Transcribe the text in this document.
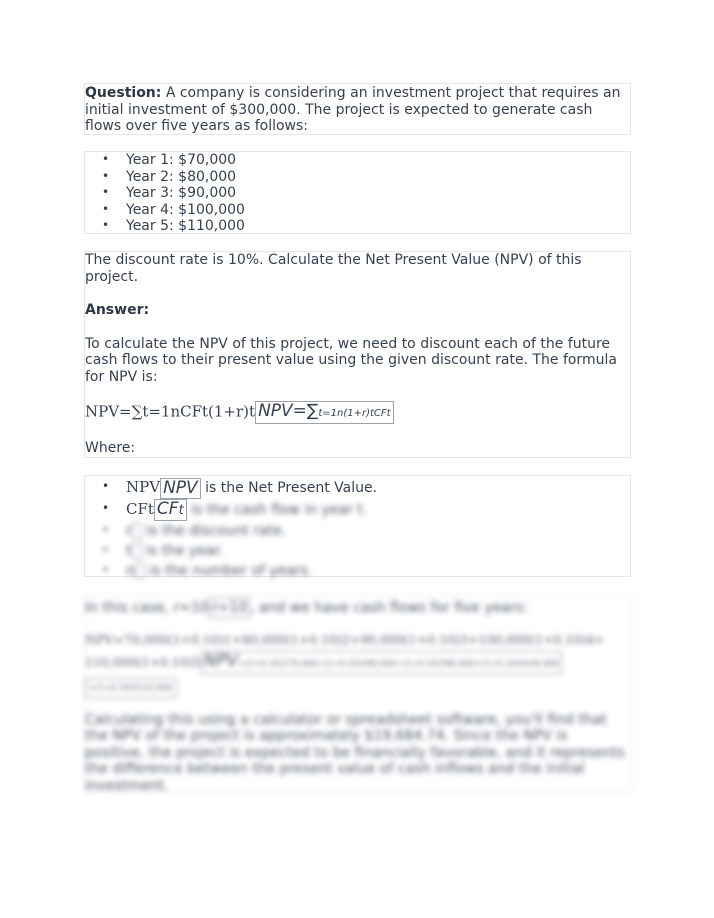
Question: A company is considering an investment project that requires an initial investment of $300,000. The project is expected to generate cash flows over five years as follows:

• Year 1: $70,000
• Year 2: $80,000
• Year 3: $90,000
• Year 4: $100,000
• Year 5: $110,000

The discount rate is 10%. Calculate the Net Present Value (NPV) of this project.

Answer:

To calculate the NPV of this project, we need to discount each of the future cash flows to their present value using the given discount rate. The formula for NPV is:

NPV=∑t=1nCFt(1+r)t NPV=∑t=1n(1+r)tCFt

Where:

• NPV NPV is the Net Present Value.
• CFt CFt is the cash flow in year t.
• r is the discount rate.
• t is the year.
• n is the number of years.

In this case, r=10 r=10 , and we have cash flows for five years:

NPV=70,000(1+0.10)1+80,000(1+0.10)2+90,000(1+0.10)3+100,000(1+0.10)4+

110,000(1+0.10)5 NPV=(1+0.10)170,000+(1+0.10)280,000+(1+0.10)390,000+(1+0.10)4100,000

+(1+0.10)5110,000

Calculating this using a calculator or spreadsheet software, you'll find that the NPV of the project is approximately $19,684.74. Since the NPV is positive, the project is expected to be financially favorable, and it represents the difference between the present value of cash inflows and the initial investment.
